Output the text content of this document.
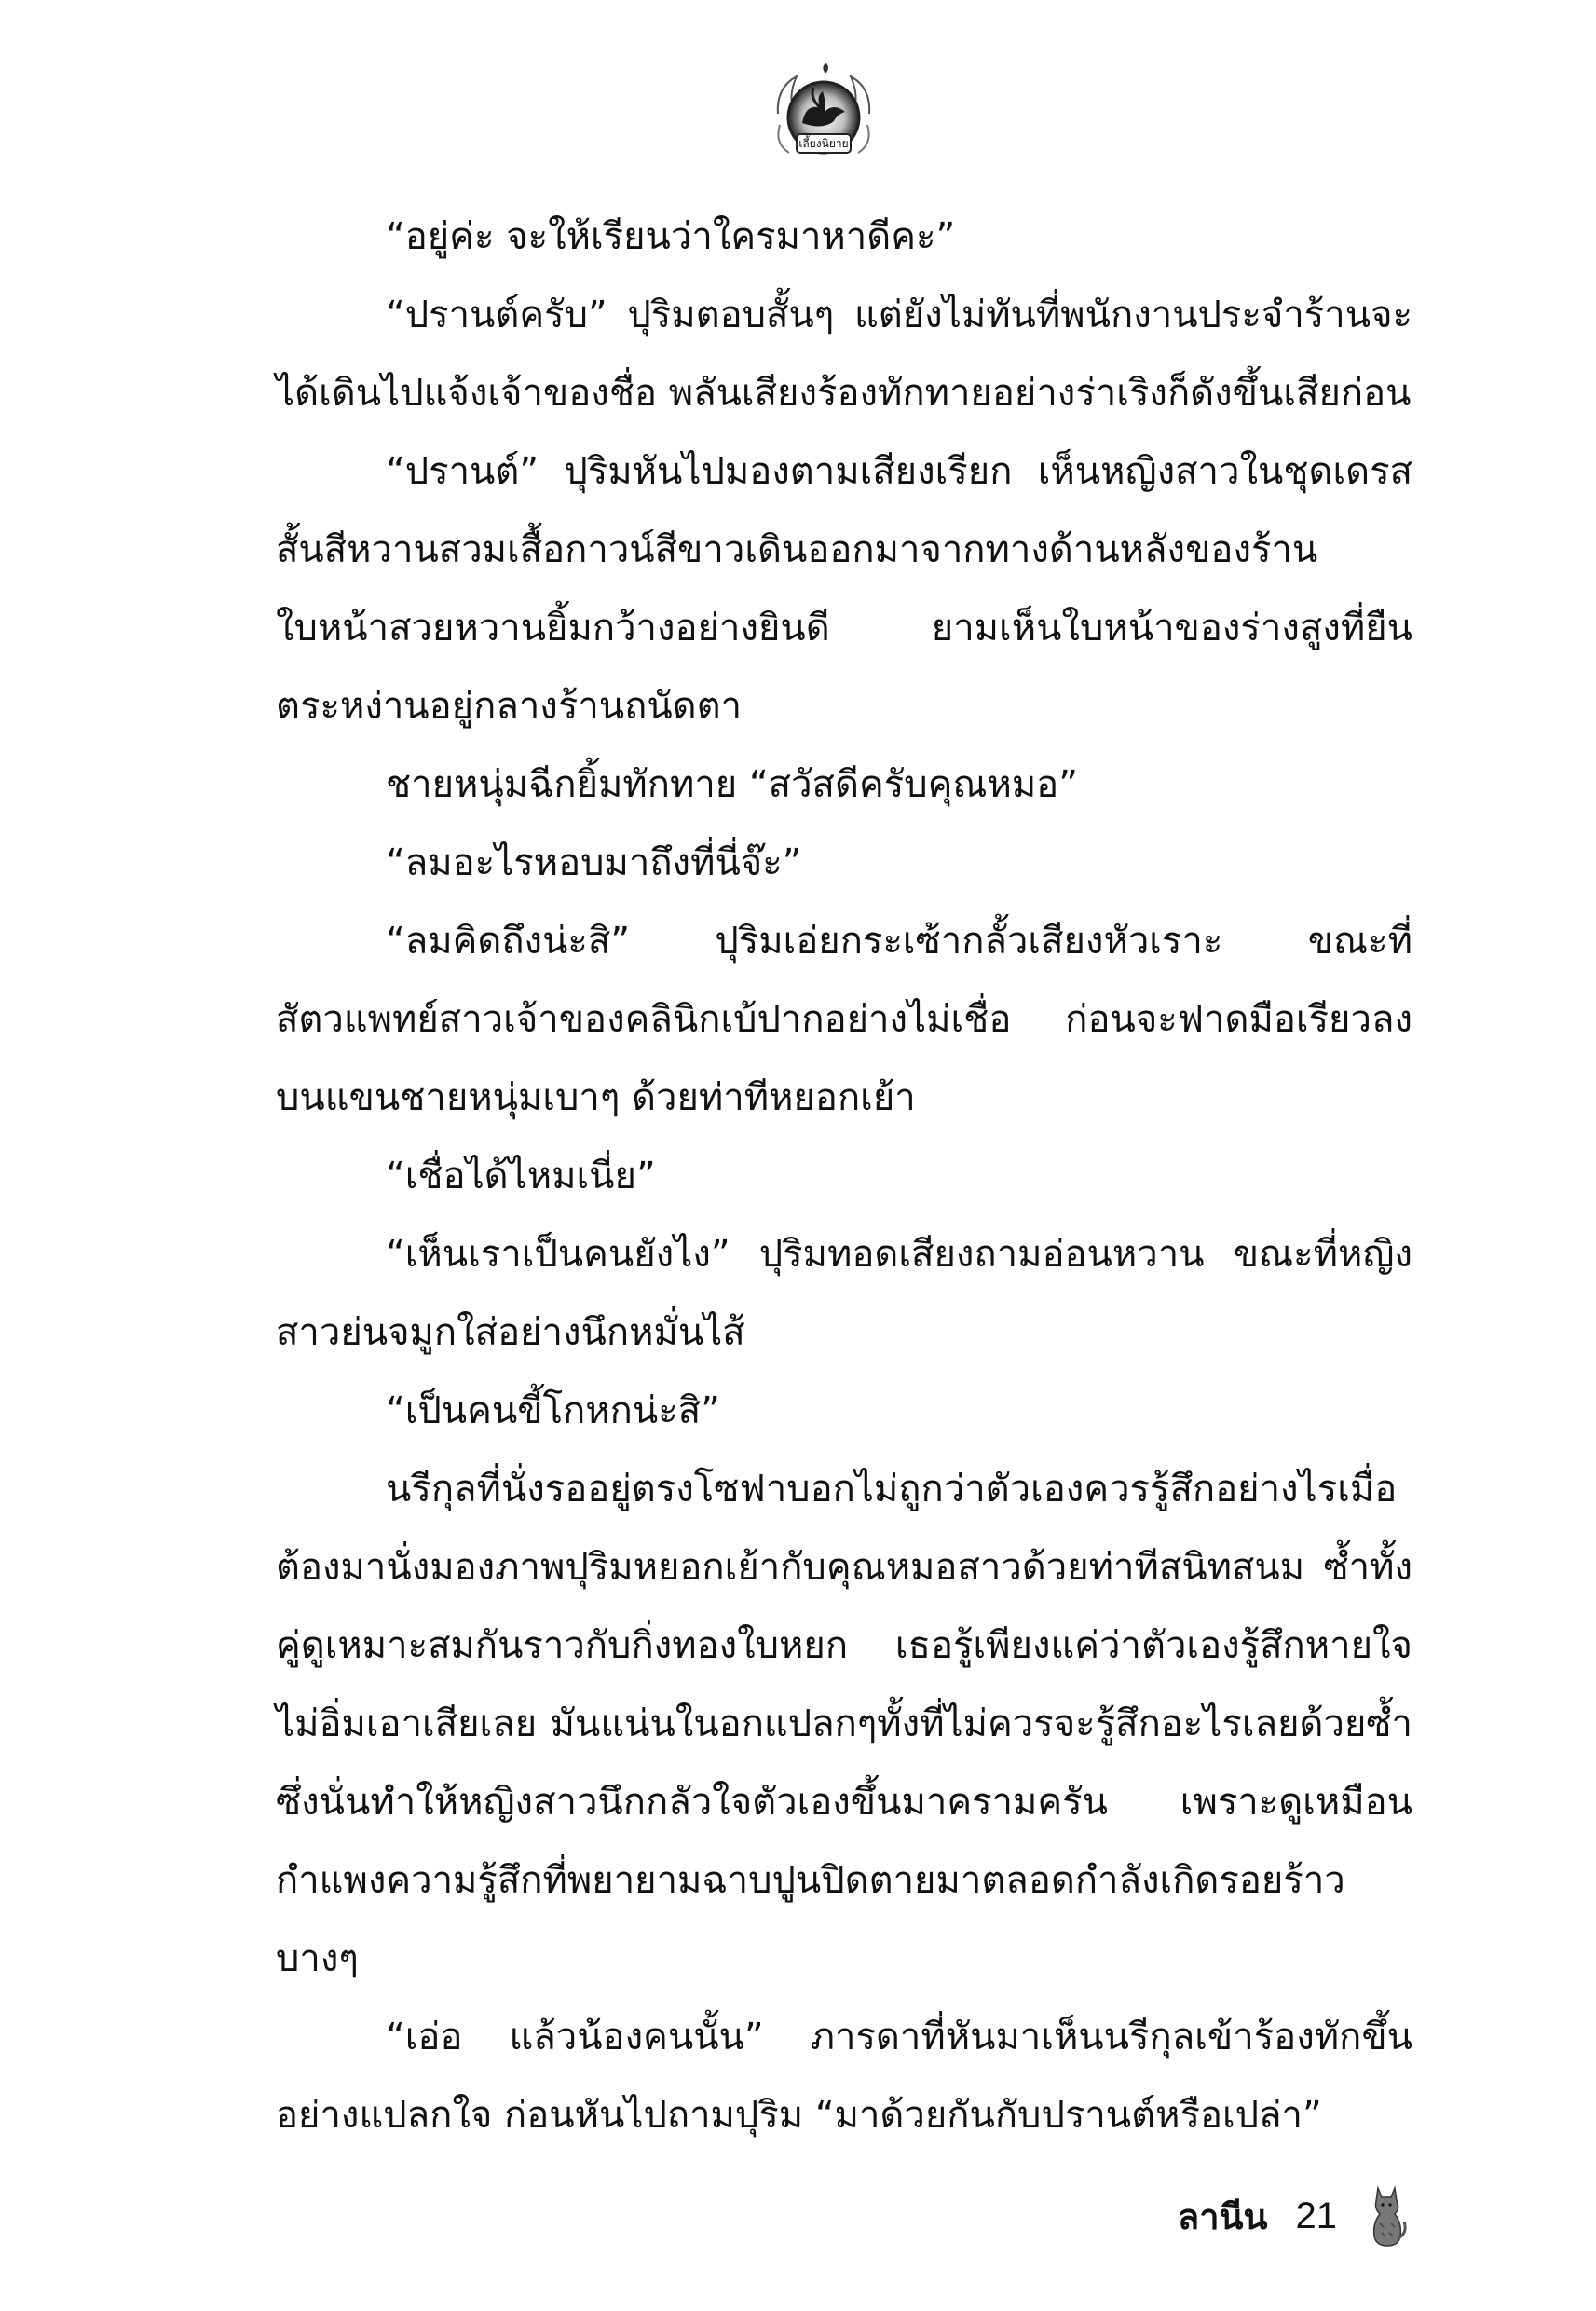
เลี้ยงนิยาย

“อยู่ค่ะ จะให้เรียนว่าใครมาหาดีคะ”

“ปรานต์ครับ” ปุริมตอบสั้นๆ แต่ยังไม่ทันที่พนักงานประจำร้านจะได้เดินไปแจ้งเจ้าของชื่อ พลันเสียงร้องทักทายอย่างร่าเริงก็ดังขึ้นเสียก่อน

“ปรานต์” ปุริมหันไปมองตามเสียงเรียก เห็นหญิงสาวในชุดเดรสสั้นสีหวานสวมเสื้อกาวน์สีขาวเดินออกมาจากทางด้านหลังของร้าน ใบหน้าสวยหวานยิ้มกว้างอย่างยินดี ยามเห็นใบหน้าของร่างสูงที่ยืนตระหง่านอยู่กลางร้านถนัดตา

ชายหนุ่มฉีกยิ้มทักทาย “สวัสดีครับคุณหมอ”

“ลมอะไรหอบมาถึงที่นี่จ๊ะ”

“ลมคิดถึงน่ะสิ” ปุริมเอ่ยกระเซ้ากลั้วเสียงหัวเราะ ขณะที่สัตวแพทย์สาวเจ้าของคลินิกเบ้ปากอย่างไม่เชื่อ ก่อนจะฟาดมือเรียวลงบนแขนชายหนุ่มเบาๆ ด้วยท่าทีหยอกเย้า

“เชื่อได้ไหมเนี่ย”

“เห็นเราเป็นคนยังไง” ปุริมทอดเสียงถามอ่อนหวาน ขณะที่หญิงสาวย่นจมูกใส่อย่างนึกหมั่นไส้

“เป็นคนขี้โกหกน่ะสิ”

นรีกุลที่นั่งรออยู่ตรงโซฟาบอกไม่ถูกว่าตัวเองควรรู้สึกอย่างไรเมื่อต้องมานั่งมองภาพปุริมหยอกเย้ากับคุณหมอสาวด้วยท่าทีสนิทสนม ซ้ำทั้งคู่ดูเหมาะสมกันราวกับกิ่งทองใบหยก เธอรู้เพียงแค่ว่าตัวเองรู้สึกหายใจไม่อิ่มเอาเสียเลย มันแน่นในอกแปลกๆทั้งที่ไม่ควรจะรู้สึกอะไรเลยด้วยซ้ำ ซึ่งนั่นทำให้หญิงสาวนึกกลัวใจตัวเองขึ้นมาครามครัน เพราะดูเหมือนกำแพงความรู้สึกที่พยายามฉาบปูนปิดตายมาตลอดกำลังเกิดรอยร้าวบางๆ

“เอ่อ แล้วน้องคนนั้น” ภารดาที่หันมาเห็นนรีกุลเข้าร้องทักขึ้นอย่างแปลกใจ ก่อนหันไปถามปุริม “มาด้วยกันกับปรานต์หรือเปล่า”

ลานีน 21
